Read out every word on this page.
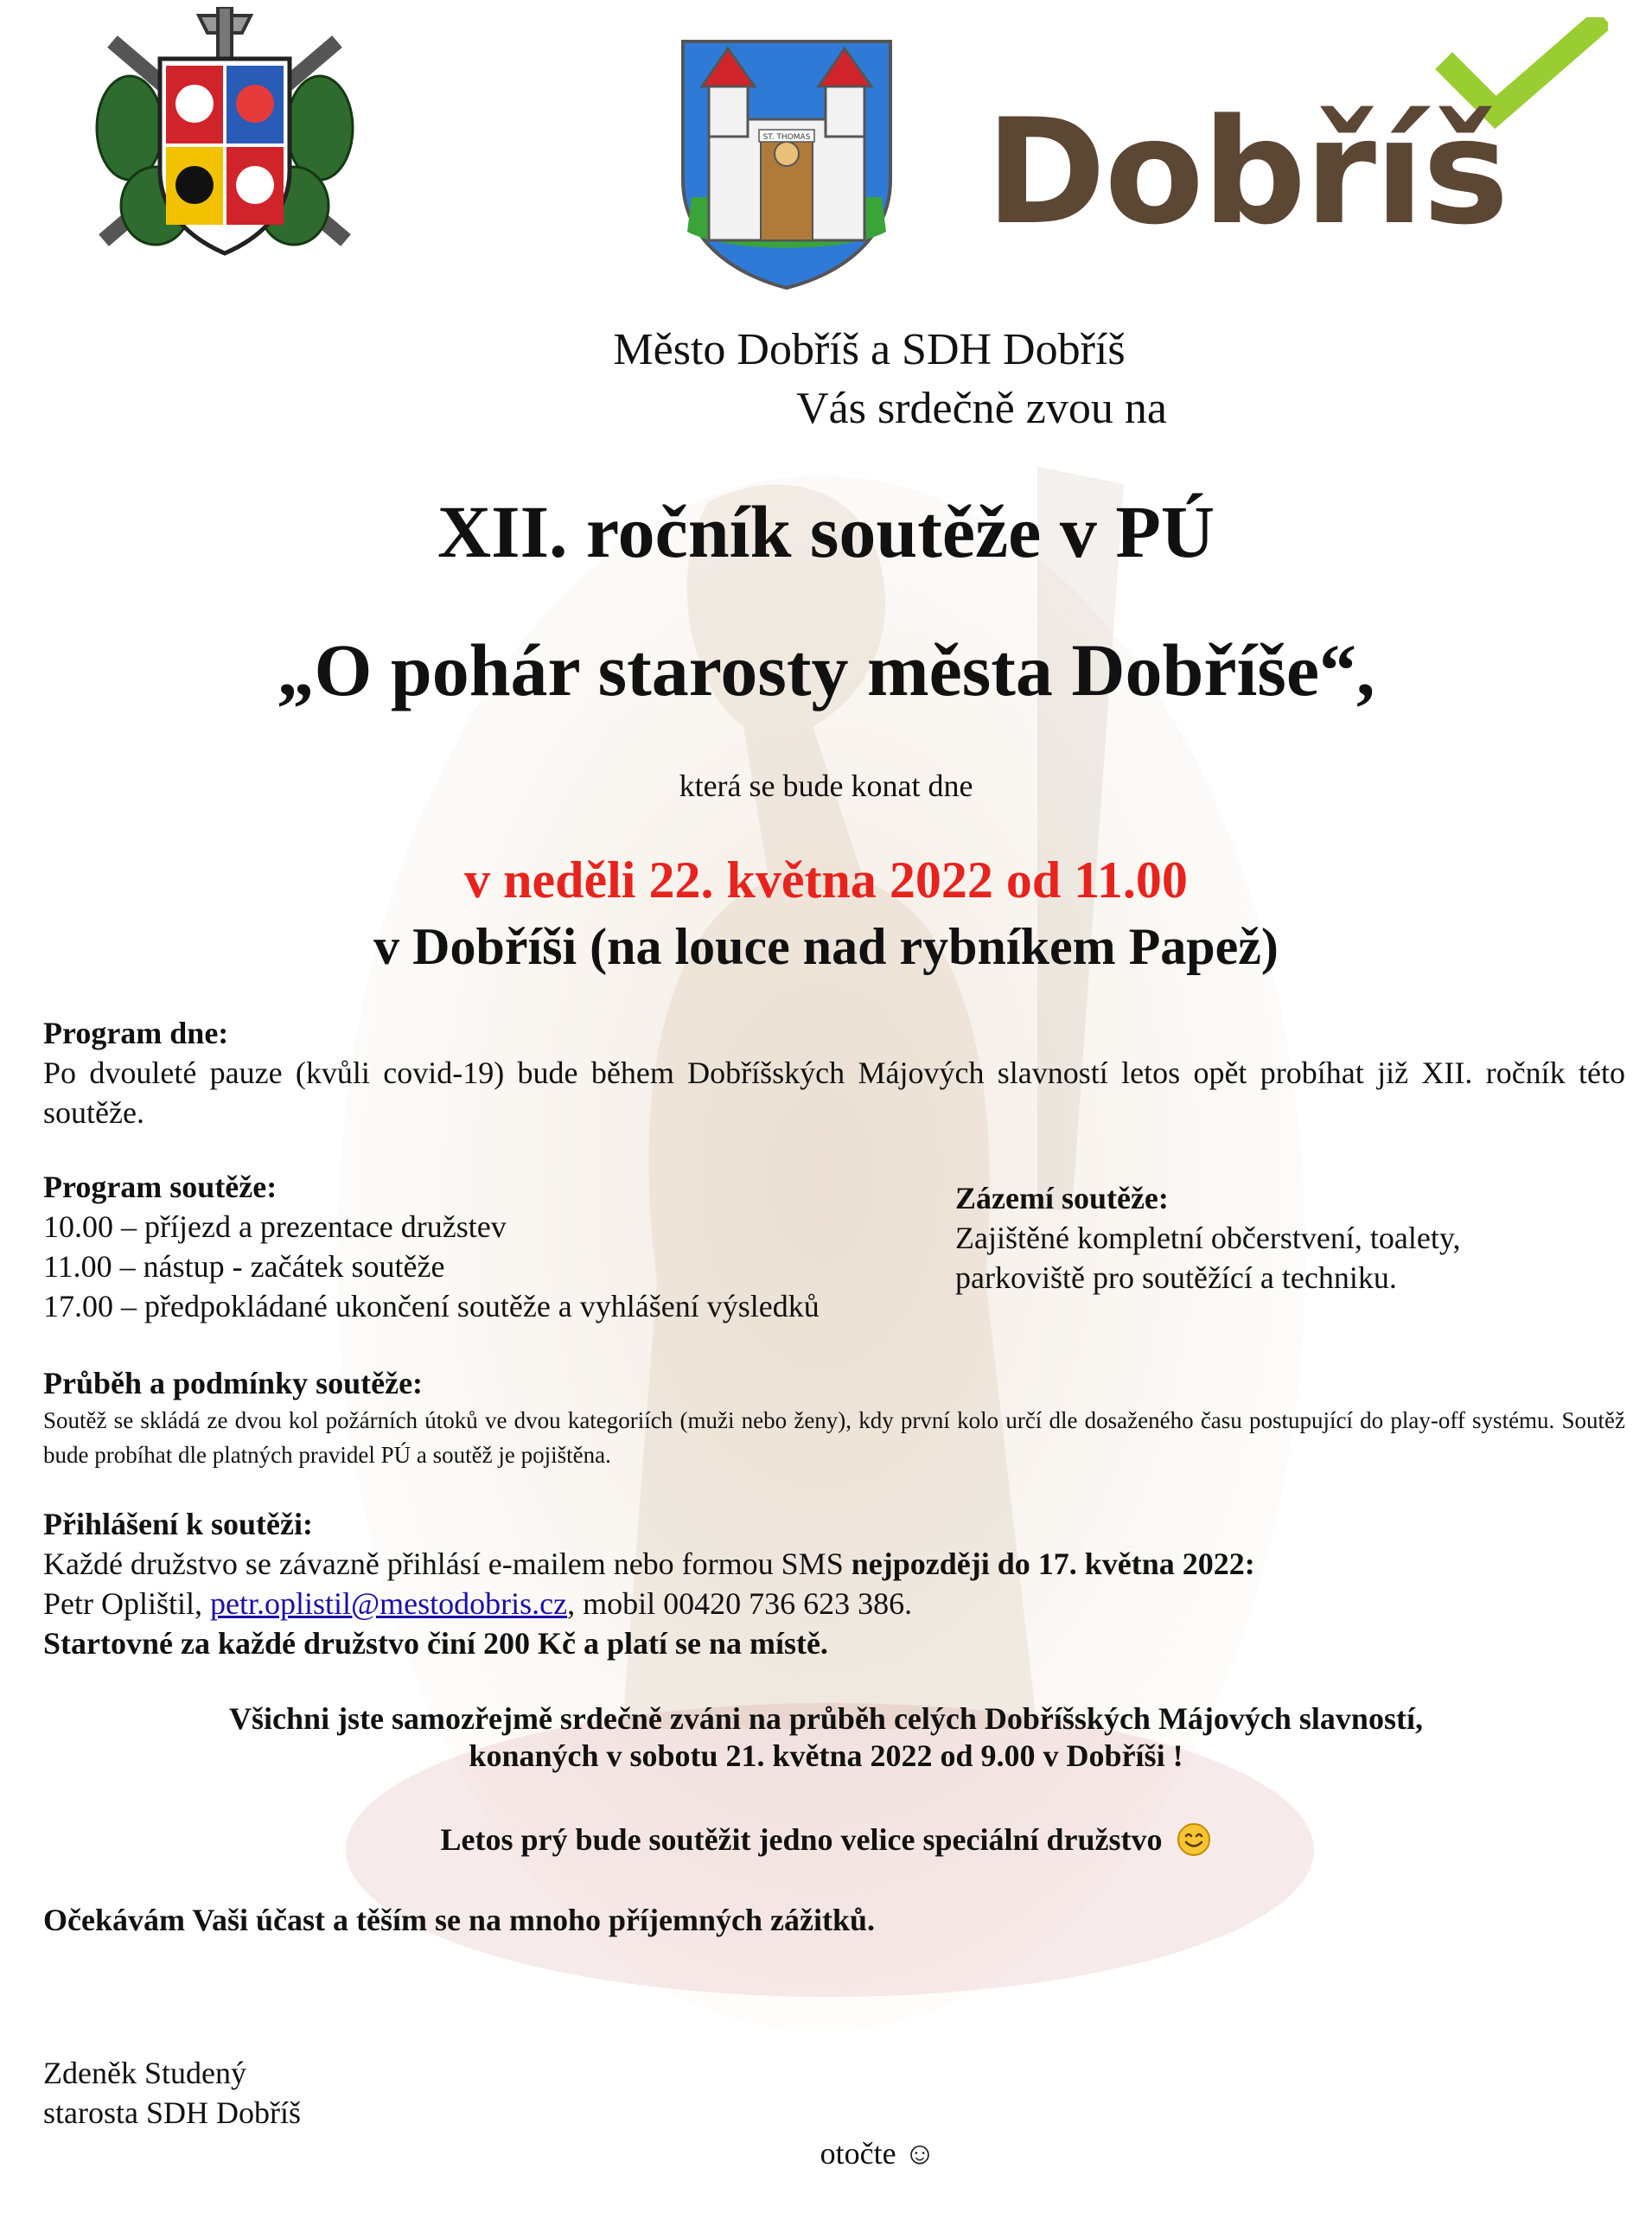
ST. THOMAS Dobříš
Město Dobříš a SDH Dobříš
Vás srdečně zvou na
XII. ročník soutěže v PÚ
„O pohár starosty města Dobříše“,
která se bude konat dne
v neděli 22. května 2022 od 11.00
v Dobříši (na louce nad rybníkem Papež)
Program dne:
Po dvouleté pauze (kvůli covid-19) bude během Dobříšských Májových slavností letos opět probíhat již XII. ročník této soutěže.
Program soutěže:
10.00 – příjezd a prezentace družstev
11.00 – nástup - začátek soutěže
17.00 – předpokládané ukončení soutěže a vyhlášení výsledků
Zázemí soutěže:
Zajištěné kompletní občerstvení, toalety,
parkoviště pro soutěžící a techniku.
Průběh a podmínky soutěže:
Soutěž se skládá ze dvou kol požárních útoků ve dvou kategoriích (muži nebo ženy), kdy první kolo určí dle dosaženého času postupující do play-off systému. Soutěž bude probíhat dle platných pravidel PÚ a soutěž je pojištěna.
Přihlášení k soutěži:
Každé družstvo se závazně přihlásí e-mailem nebo formou SMS nejpozději do 17. května 2022:
Petr Oplištil, petr.oplistil@mestodobris.cz, mobil 00420 736 623 386.
Startovné za každé družstvo činí 200 Kč a platí se na místě.
Všichni jste samozřejmě srdečně zváni na průběh celých Dobříšských Májových slavností,
konaných v sobotu 21. května 2022 od 9.00 v Dobříši !
Letos prý bude soutěžit jedno velice speciální družstvo
Očekávám Vaši účast a těším se na mnoho příjemných zážitků.
Zdeněk Studený
starosta SDH Dobříš
otočte ☺
